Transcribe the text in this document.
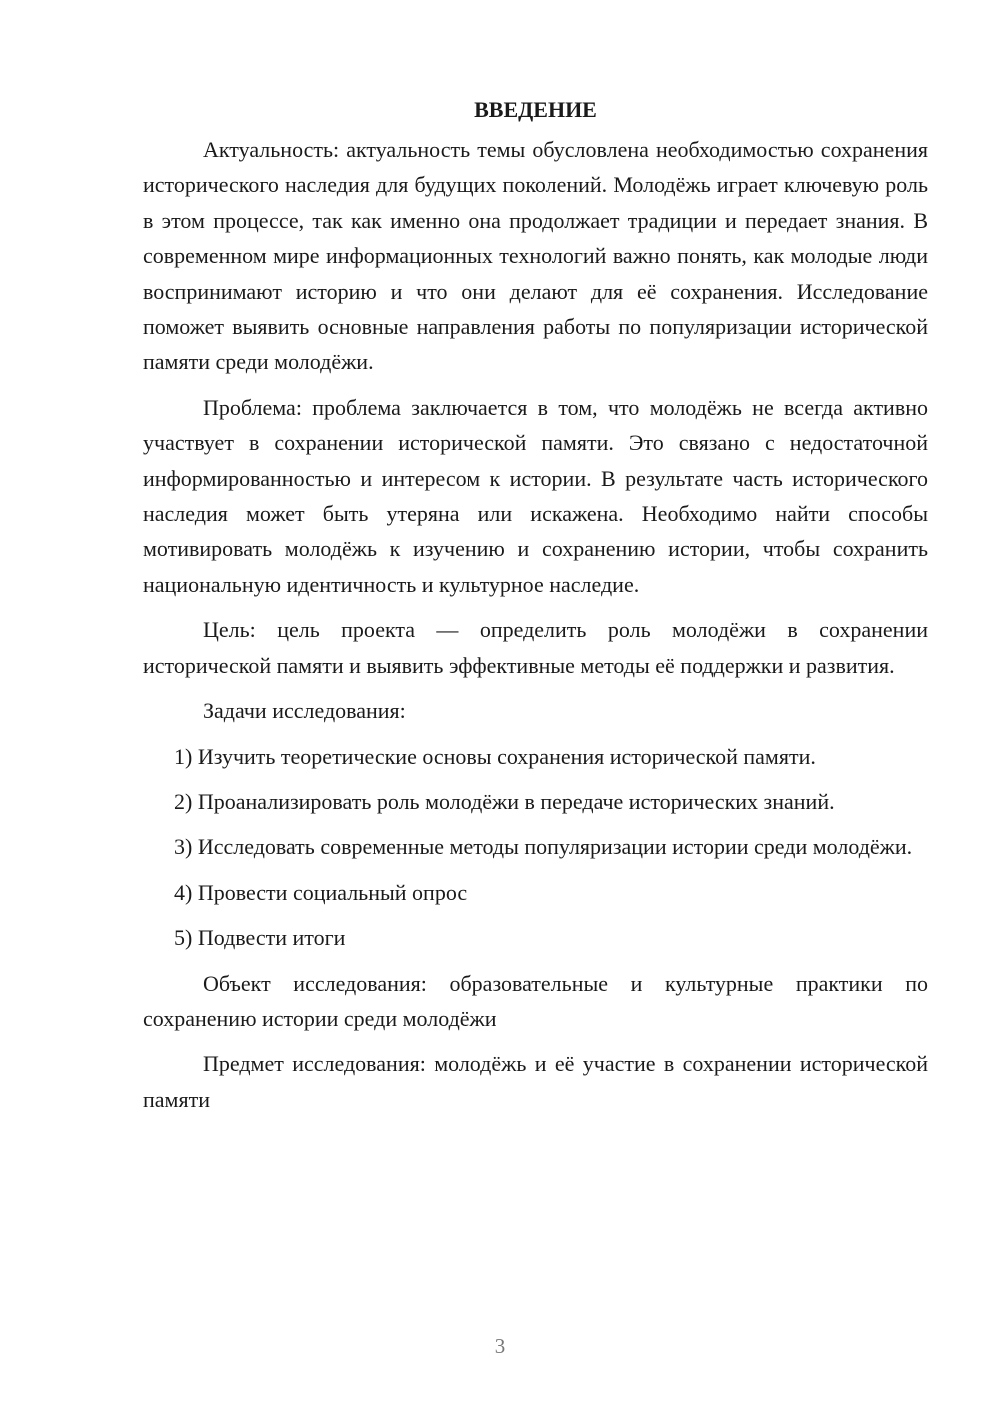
ВВЕДЕНИЕ

Актуальность: актуальность темы обусловлена необходимостью сохранения исторического наследия для будущих поколений. Молодёжь играет ключевую роль в этом процессе, так как именно она продолжает традиции и передает знания. В современном мире информационных технологий важно понять, как молодые люди воспринимают историю и что они делают для её сохранения. Исследование поможет выявить основные направления работы по популяризации исторической памяти среди молодёжи.

Проблема: проблема заключается в том, что молодёжь не всегда активно участвует в сохранении исторической памяти. Это связано с недостаточной информированностью и интересом к истории. В результате часть исторического наследия может быть утеряна или искажена. Необходимо найти способы мотивировать молодёжь к изучению и сохранению истории, чтобы сохранить национальную идентичность и культурное наследие.

Цель: цель проекта — определить роль молодёжи в сохранении исторической памяти и выявить эффективные методы её поддержки и развития.

Задачи исследования:

1) Изучить теоретические основы сохранения исторической памяти.

2) Проанализировать роль молодёжи в передаче исторических знаний.

3) Исследовать современные методы популяризации истории среди молодёжи.

4) Провести социальный опрос

5) Подвести итоги

Объект исследования: образовательные и культурные практики по сохранению истории среди молодёжи

Предмет исследования: молодёжь и её участие в сохранении исторической памяти

3
